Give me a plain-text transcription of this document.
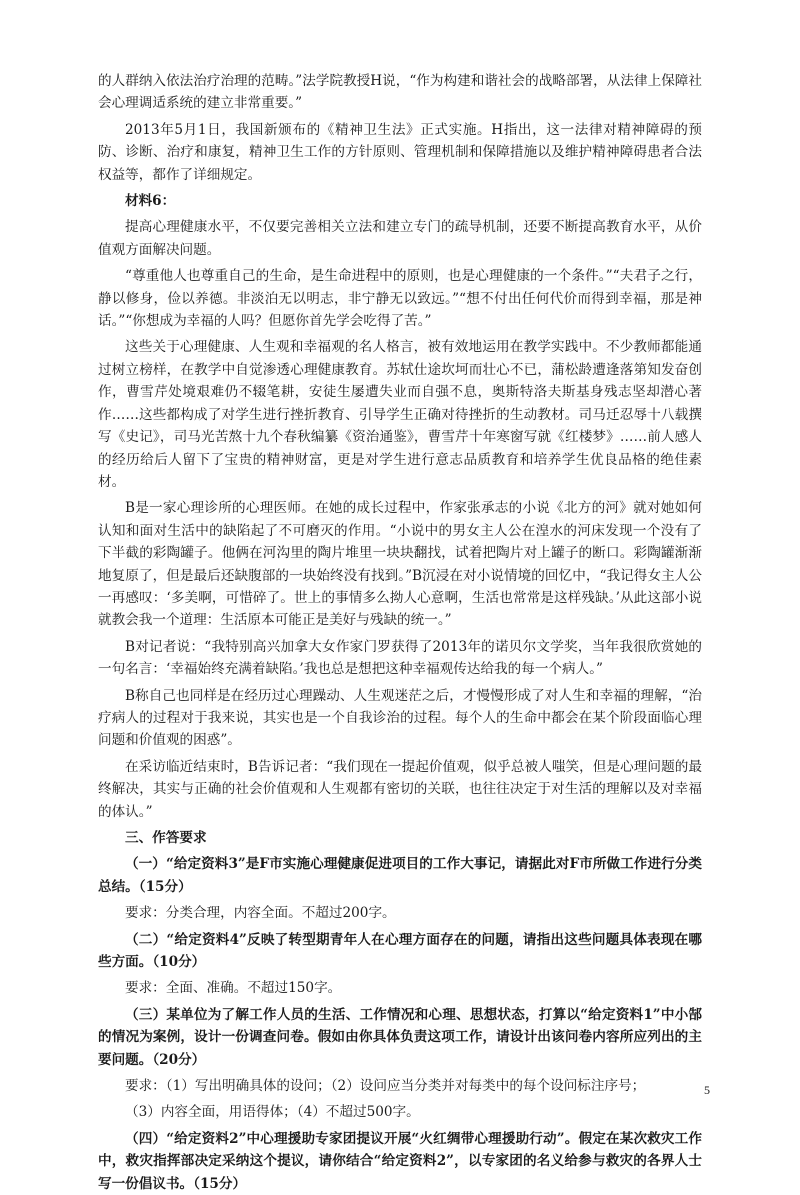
的人群纳入依法治疗治理的范畴。”法学院教授H说，“作为构建和谐社会的战略部署，从法律上保障社会心理调适系统的建立非常重要。”

2013年5月1日，我国新颁布的《精神卫生法》正式实施。H指出，这一法律对精神障碍的预防、诊断、治疗和康复，精神卫生工作的方针原则、管理机制和保障措施以及维护精神障碍患者合法权益等，都作了详细规定。

材料6：

提高心理健康水平，不仅要完善相关立法和建立专门的疏导机制，还要不断提高教育水平，从价值观方面解决问题。

“尊重他人也尊重自己的生命，是生命进程中的原则，也是心理健康的一个条件。”“夫君子之行，静以修身，俭以养德。非淡泊无以明志，非宁静无以致远。”“想不付出任何代价而得到幸福，那是神话。”“你想成为幸福的人吗？但愿你首先学会吃得了苦。”

这些关于心理健康、人生观和幸福观的名人格言，被有效地运用在教学实践中。不少教师都能通过树立榜样，在教学中自觉渗透心理健康教育。苏轼仕途坎坷而壮心不已，蒲松龄遭逢落第知发奋创作，曹雪芹处境艰难仍不辍笔耕，安徒生屡遭失业而自强不息，奥斯特洛夫斯基身残志坚却潜心著作……这些都构成了对学生进行挫折教育、引导学生正确对待挫折的生动教材。司马迁忍辱十八载撰写《史记》，司马光苦熬十九个春秋编纂《资治通鉴》，曹雪芹十年寒窗写就《红楼梦》……前人感人的经历给后人留下了宝贵的精神财富，更是对学生进行意志品质教育和培养学生优良品格的绝佳素材。

B是一家心理诊所的心理医师。在她的成长过程中，作家张承志的小说《北方的河》就对她如何认知和面对生活中的缺陷起了不可磨灭的作用。“小说中的男女主人公在湟水的河床发现一个没有了下半截的彩陶罐子。他俩在河沟里的陶片堆里一块块翻找，试着把陶片对上罐子的断口。彩陶罐渐渐地复原了，但是最后还缺腹部的一块始终没有找到。”B沉浸在对小说情境的回忆中，“我记得女主人公一再感叹：‘多美啊，可惜碎了。世上的事情多么拗人心意啊，生活也常常是这样残缺。’从此这部小说就教会我一个道理：生活原本可能正是美好与残缺的统一。”

B对记者说：“我特别高兴加拿大女作家门罗获得了2013年的诺贝尔文学奖，当年我很欣赏她的一句名言：‘幸福始终充满着缺陷。’我也总是想把这种幸福观传达给我的每一个病人。”

B称自己也同样是在经历过心理躁动、人生观迷茫之后，才慢慢形成了对人生和幸福的理解，“治疗病人的过程对于我来说，其实也是一个自我诊治的过程。每个人的生命中都会在某个阶段面临心理问题和价值观的困惑”。

在采访临近结束时，B告诉记者：“我们现在一提起价值观，似乎总被人嗤笑，但是心理问题的最终解决，其实与正确的社会价值观和人生观都有密切的关联，也往往决定于对生活的理解以及对幸福的体认。”

三、作答要求

（一）“给定资料3”是F市实施心理健康促进项目的工作大事记，请据此对F市所做工作进行分类总结。（15分）

要求：分类合理，内容全面。不超过200字。

（二）“给定资料4”反映了转型期青年人在心理方面存在的问题，请指出这些问题具体表现在哪些方面。（10分）

要求：全面、准确。不超过150字。

（三）某单位为了解工作人员的生活、工作情况和心理、思想状态，打算以“给定资料1”中小郜的情况为案例，设计一份调查问卷。假如由你具体负责这项工作，请设计出该问卷内容所应列出的主要问题。（20分）

要求：（1）写出明确具体的设问；（2）设问应当分类并对每类中的每个设问标注序号；

（3）内容全面，用语得体；（4）不超过500字。

（四）“给定资料2”中心理援助专家团提议开展“火红绸带心理援助行动”。假定在某次救灾工作中，救灾指挥部决定采纳这个提议，请你结合“给定资料2”，以专家团的名义给参与救灾的各界人士写一份倡议书。（15分）

5
